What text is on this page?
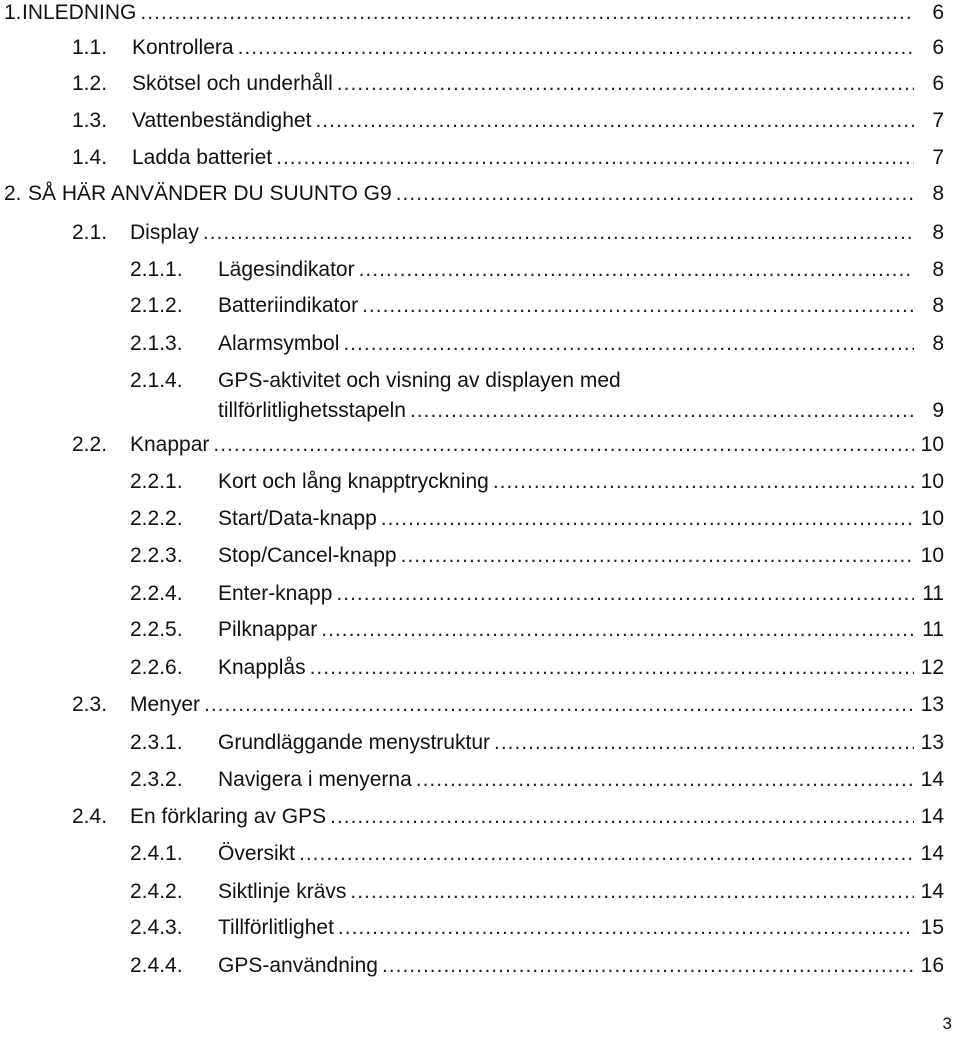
1. INLEDNING .....	6
1.1. Kontrollera .....	6
1.2. Skötsel och underhåll .....	6
1.3. Vattenbeständighet .....	7
1.4. Ladda batteriet .....	7
2. SÅ HÄR ANVÄNDER DU SUUNTO G9 .....	8
2.1. Display .....	8
2.1.1. Lägesindikator .....	8
2.1.2. Batteriindikator .....	8
2.1.3. Alarmsymbol .....	8
2.1.4. GPS-aktivitet och visning av displayen med
tillförlitlighetsstapeln .....	9
2.2. Knappar .....	10
2.2.1. Kort och lång knapptryckning .....	10
2.2.2. Start/Data-knapp .....	10
2.2.3. Stop/Cancel-knapp .....	10
2.2.4. Enter-knapp .....	11
2.2.5. Pilknappar .....	11
2.2.6. Knapplås .....	12
2.3. Menyer .....	13
2.3.1. Grundläggande menystruktur .....	13
2.3.2. Navigera i menyerna .....	14
2.4. En förklaring av GPS .....	14
2.4.1. Översikt .....	14
2.4.2. Siktlinje krävs .....	14
2.4.3. Tillförlitlighet .....	15
2.4.4. GPS-användning .....	16
3
